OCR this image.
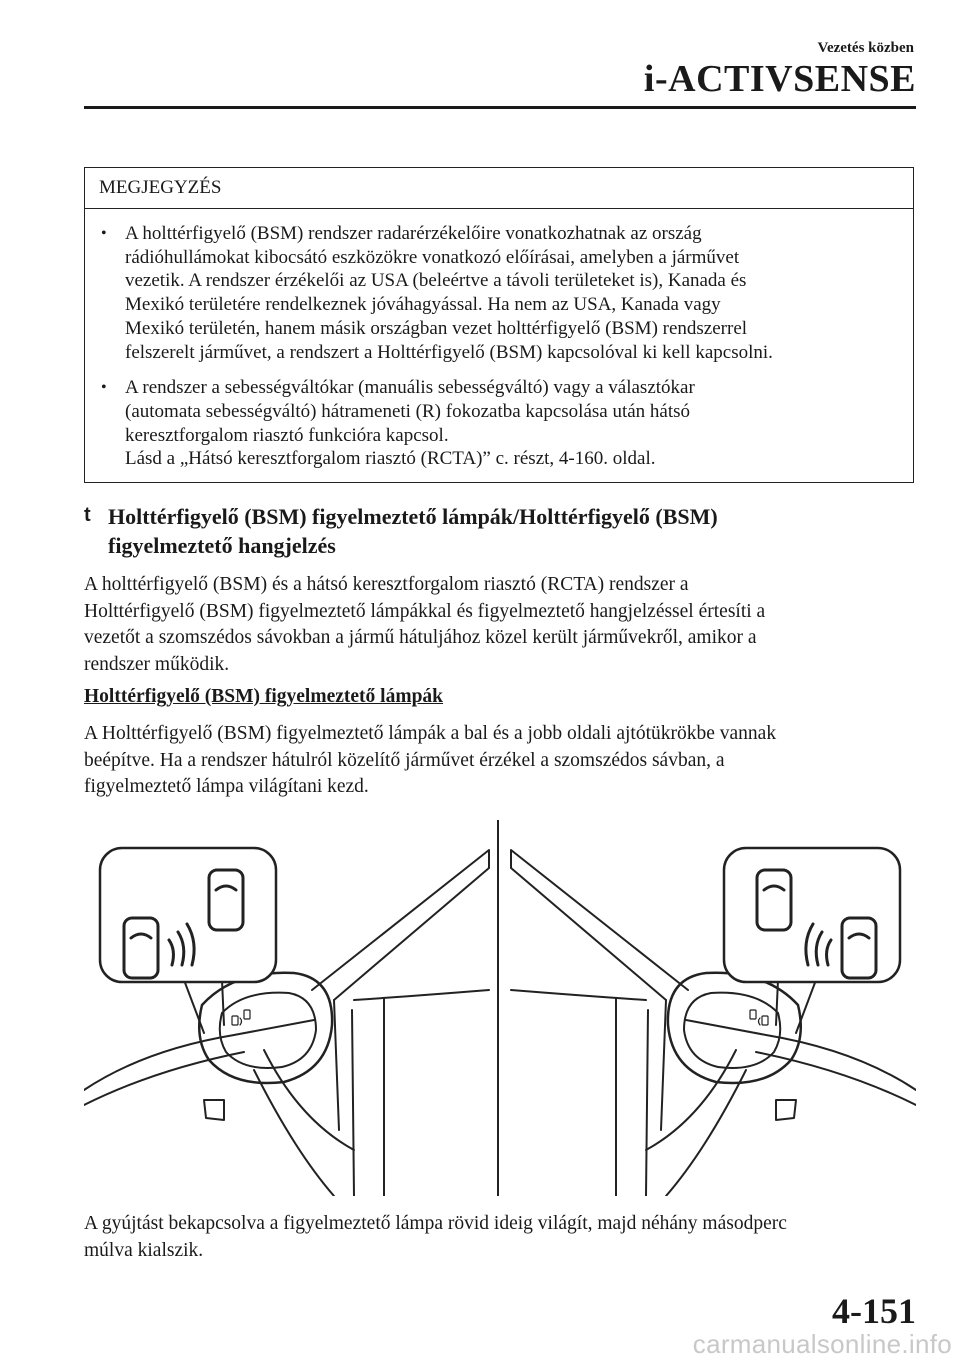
Vezetés közben
i-ACTIVSENSE
MEGJEGYZÉS
• A holttérfigyelő (BSM) rendszer radarérzékelőire vonatkozhatnak az ország
rádióhullámokat kibocsátó eszközökre vonatkozó előírásai, amelyben a járművet
vezetik. A rendszer érzékelői az USA (beleértve a távoli területeket is), Kanada és
Mexikó területére rendelkeznek jóváhagyással. Ha nem az USA, Kanada vagy
Mexikó területén, hanem másik országban vezet holttérfigyelő (BSM) rendszerrel
felszerelt járművet, a rendszert a Holttérfigyelő (BSM) kapcsolóval ki kell kapcsolni.
• A rendszer a sebességváltókar (manuális sebességváltó) vagy a választókar
(automata sebességváltó) hátrameneti (R) fokozatba kapcsolása után hátsó
keresztforgalom riasztó funkcióra kapcsol.
Lásd a „Hátsó keresztforgalom riasztó (RCTA)” c. részt, 4-160. oldal.
t Holttérfigyelő (BSM) figyelmeztető lámpák/Holttérfigyelő (BSM)
figyelmeztető hangjelzés
A holttérfigyelő (BSM) és a hátsó keresztforgalom riasztó (RCTA) rendszer a
Holttérfigyelő (BSM) figyelmeztető lámpákkal és figyelmeztető hangjelzéssel értesíti a
vezetőt a szomszédos sávokban a jármű hátuljához közel került járművekről, amikor a
rendszer működik.
Holttérfigyelő (BSM) figyelmeztető lámpák
A Holttérfigyelő (BSM) figyelmeztető lámpák a bal és a jobb oldali ajtótükrökbe vannak
beépítve. Ha a rendszer hátulról közelítő járművet érzékel a szomszédos sávban, a
figyelmeztető lámpa világítani kezd.
A gyújtást bekapcsolva a figyelmeztető lámpa rövid ideig világít, majd néhány másodperc
múlva kialszik.
4-151
carmanualsonline.info
